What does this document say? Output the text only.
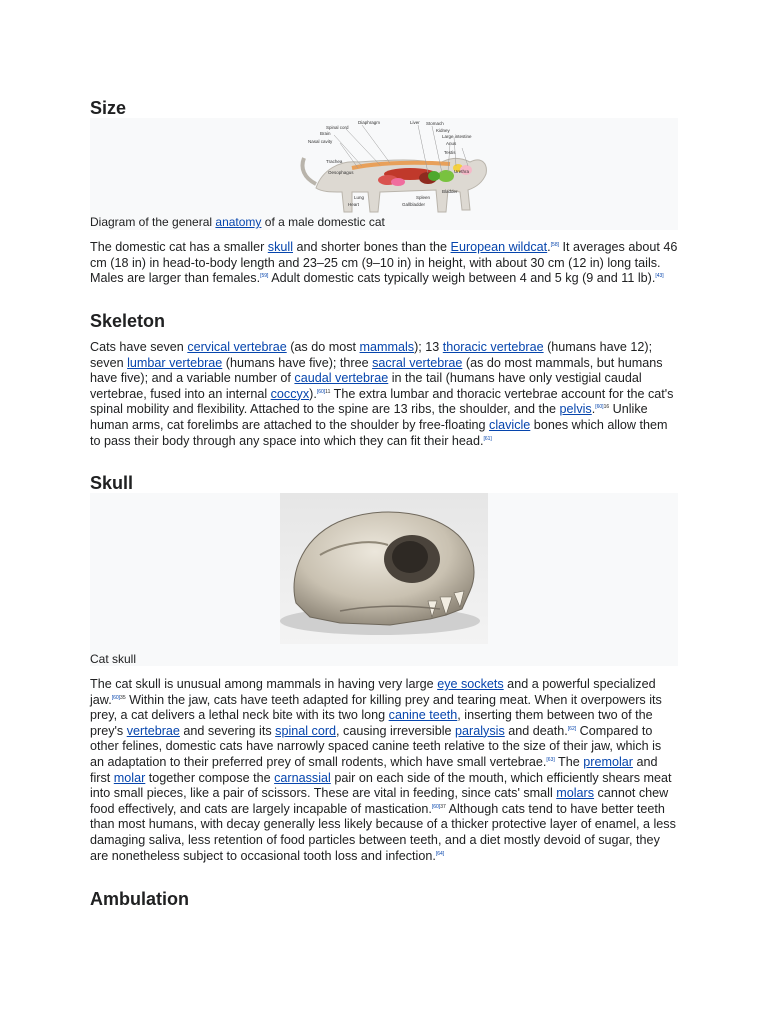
Size
Diaphragm	Liver Stomach
Spinal cord
Brain
Kidney
Large intestine
Nasal cavity	Anus
Testis
Trachea
Urethra
Oesophagus
Bladder
Lung
Heart
Spleen
Gallbladder
Diagram of the general anatomy of a male domestic cat

The domestic cat has a smaller skull and shorter bones than the European wildcat.[58] It averages about 46 cm (18 in) in head-to-body length and 23–25 cm (9–10 in) in height, with about 30 cm (12 in) long tails. Males are larger than females.[59] Adult domestic cats typically weigh between 4 and 5 kg (9 and 11 lb).[43]

Skeleton

Cats have seven cervical vertebrae (as do most mammals); 13 thoracic vertebrae (humans have 12); seven lumbar vertebrae (humans have five); three sacral vertebrae (as do most mammals, but humans have five); and a variable number of caudal vertebrae in the tail (humans have only vestigial caudal vertebrae, fused into an internal coccyx).$^{[60]11}$ The extra lumbar and thoracic vertebrae account for the cat's spinal mobility and flexibility. Attached to the spine are 13 ribs, the shoulder, and the pelvis.$^{[60]16}$ Unlike human arms, cat forelimbs are attached to the shoulder by free-floating clavicle bones which allow them to pass their body through any space into which they can fit their head.[61]

Skull
Cat skull

The cat skull is unusual among mammals in having very large eye sockets and a powerful specialized jaw.$^{[60]35}$ Within the jaw, cats have teeth adapted for killing prey and tearing meat. When it overpowers its prey, a cat delivers a lethal neck bite with its two long canine teeth, inserting them between two of the prey's vertebrae and severing its spinal cord, causing irreversible paralysis and death.[62] Compared to other felines, domestic cats have narrowly spaced canine teeth relative to the size of their jaw, which is an adaptation to their preferred prey of small rodents, which have small vertebrae.[63] The premolar and first molar together compose the carnassial pair on each side of the mouth, which efficiently shears meat into small pieces, like a pair of scissors. These are vital in feeding, since cats' small molars cannot chew food effectively, and cats are largely incapable of mastication.$^{[60]37}$ Although cats tend to have better teeth than most humans, with decay generally less likely because of a thicker protective layer of enamel, a less damaging saliva, less retention of food particles between teeth, and a diet mostly devoid of sugar, they are nonetheless subject to occasional tooth loss and infection.[64]

Ambulation
